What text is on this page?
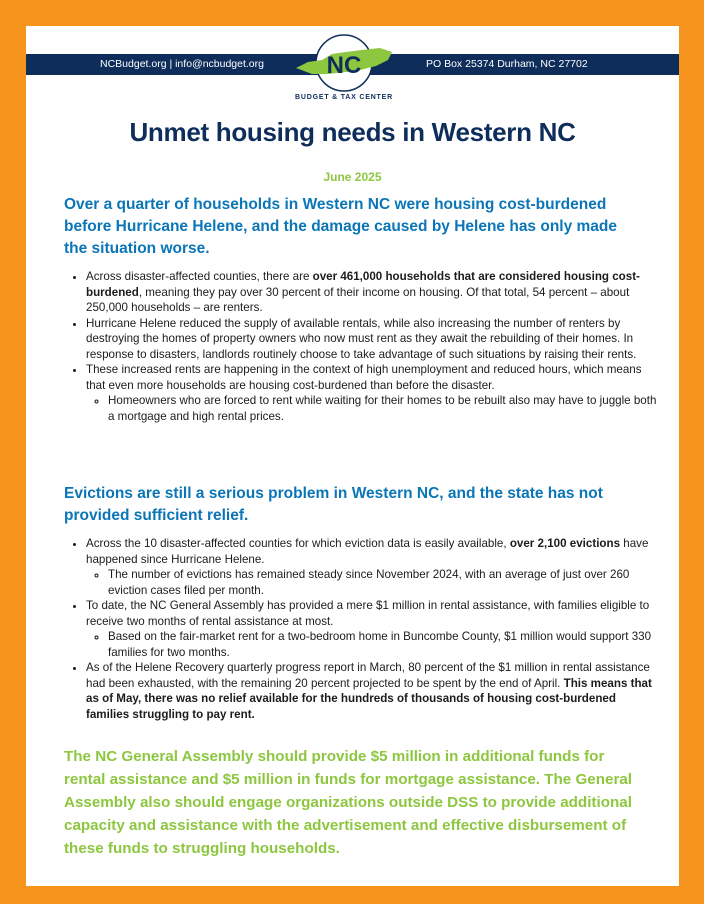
NCBudget.org | info@ncbudget.org	PO Box 25374 Durham, NC 27702
NC
BUDGET & TAX CENTER
Unmet housing needs in Western NC
June 2025

Over a quarter of households in Western NC were housing cost-burdened before Hurricane Helene, and the damage caused by Helene has only made the situation worse.

• Across disaster-affected counties, there are over 461,000 households that are considered housing cost-burdened, meaning they pay over 30 percent of their income on housing. Of that total, 54 percent – about 250,000 households – are renters.
• Hurricane Helene reduced the supply of available rentals, while also increasing the number of renters by destroying the homes of property owners who now must rent as they await the rebuilding of their homes. In response to disasters, landlords routinely choose to take advantage of such situations by raising their rents.
• These increased rents are happening in the context of high unemployment and reduced hours, which means that even more households are housing cost-burdened than before the disaster.
◦ Homeowners who are forced to rent while waiting for their homes to be rebuilt also may have to juggle both a mortgage and high rental prices.

Evictions are still a serious problem in Western NC, and the state has not provided sufficient relief.

• Across the 10 disaster-affected counties for which eviction data is easily available, over 2,100 evictions have happened since Hurricane Helene.
◦ The number of evictions has remained steady since November 2024, with an average of just over 260 eviction cases filed per month.
• To date, the NC General Assembly has provided a mere $1 million in rental assistance, with families eligible to receive two months of rental assistance at most.
◦ Based on the fair-market rent for a two-bedroom home in Buncombe County, $1 million would support 330 families for two months.
• As of the Helene Recovery quarterly progress report in March, 80 percent of the $1 million in rental assistance had been exhausted, with the remaining 20 percent projected to be spent by the end of April. This means that as of May, there was no relief available for the hundreds of thousands of housing cost-burdened families struggling to pay rent.

The NC General Assembly should provide $5 million in additional funds for rental assistance and $5 million in funds for mortgage assistance. The General Assembly also should engage organizations outside DSS to provide additional capacity and assistance with the advertisement and effective disbursement of these funds to struggling households.
